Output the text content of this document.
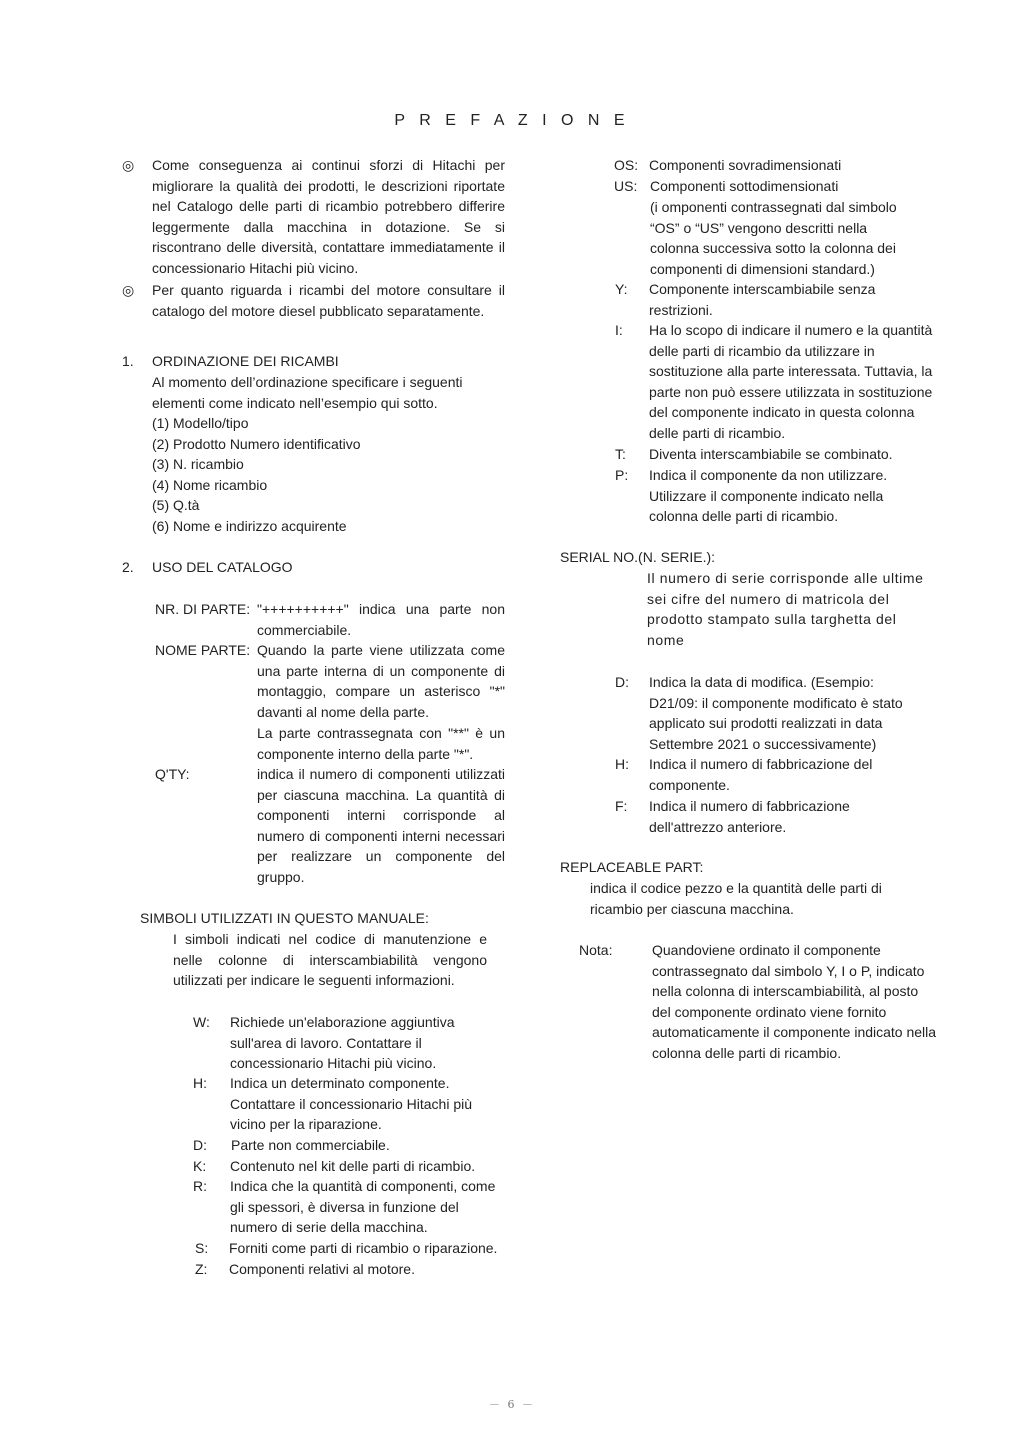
P R E F A Z I O N E
◎ Come conseguenza ai continui sforzi di Hitachi per migliorare la qualità dei prodotti, le descrizioni riportate nel Catalogo delle parti di ricambio potrebbero differire leggermente dalla macchina in dotazione. Se si riscontrano delle diversità, contattare immediatamente il concessionario Hitachi più vicino.
◎ Per quanto riguarda i ricambi del motore consultare il catalogo del motore diesel pubblicato separatamente.
1. ORDINAZIONE DEI RICAMBI
Al momento dell’ordinazione specificare i seguenti elementi come indicato nell’esempio qui sotto.
(1) Modello/tipo
(2) Prodotto Numero identificativo
(3) N. ricambio
(4) Nome ricambio
(5) Q.tà
(6) Nome e indirizzo acquirente
2. USO DEL CATALOGO
NR. DI PARTE: "++++++++++" indica una parte non commerciabile.
NOME PARTE: Quando la parte viene utilizzata come una parte interna di un componente di montaggio, compare un asterisco "*" davanti al nome della parte.
La parte contrassegnata con "**" è un componente interno della parte "*".
Q'TY:	indica il numero di componenti utilizzati per ciascuna macchina. La quantità di componenti interni corrisponde al numero di componenti interni necessari per realizzare un componente del gruppo.
SIMBOLI UTILIZZATI IN QUESTO MANUALE:
I simboli indicati nel codice di manutenzione e nelle colonne di interscambiabilità vengono utilizzati per indicare le seguenti informazioni.
W: Richiede un'elaborazione aggiuntiva sull'area di lavoro. Contattare il concessionario Hitachi più vicino.
H: Indica un determinato componente. Contattare il concessionario Hitachi più vicino per la riparazione.
D: Parte non commerciabile.
K: Contenuto nel kit delle parti di ricambio.
R: Indica che la quantità di componenti, come gli spessori, è diversa in funzione del numero di serie della macchina.
S: Forniti come parti di ricambio o riparazione.
Z: Componenti relativi al motore.
OS: Componenti sovradimensionati
US: Componenti sottodimensionati
(i omponenti contrassegnati dal simbolo “OS” o “US” vengono descritti nella colonna successiva sotto la colonna dei componenti di dimensioni standard.)
Y: Componente interscambiabile senza restrizioni.
I: Ha lo scopo di indicare il numero e la quantità delle parti di ricambio da utilizzare in sostituzione alla parte interessata. Tuttavia, la parte non può essere utilizzata in sostituzione del componente indicato in questa colonna delle parti di ricambio.
T: Diventa interscambiabile se combinato.
P: Indica il componente da non utilizzare. Utilizzare il componente indicato nella colonna delle parti di ricambio.
SERIAL NO.(N. SERIE.):
Il numero di serie corrisponde alle ultime sei cifre del numero di matricola del prodotto stampato sulla targhetta del nome
D: Indica la data di modifica. (Esempio: D21/09: il componente modificato è stato applicato sui prodotti realizzati in data Settembre 2021 o successivamente)
H: Indica il numero di fabbricazione del componente.
F: Indica il numero di fabbricazione dell'attrezzo anteriore.
REPLACEABLE PART:
indica il codice pezzo e la quantità delle parti di ricambio per ciascuna macchina.
Nota:	Quandoviene ordinato il componente contrassegnato dal simbolo Y, I o P, indicato nella colonna di interscambiabilità, al posto del componente ordinato viene fornito automaticamente il componente indicato nella colonna delle parti di ricambio.
－ 6 －
